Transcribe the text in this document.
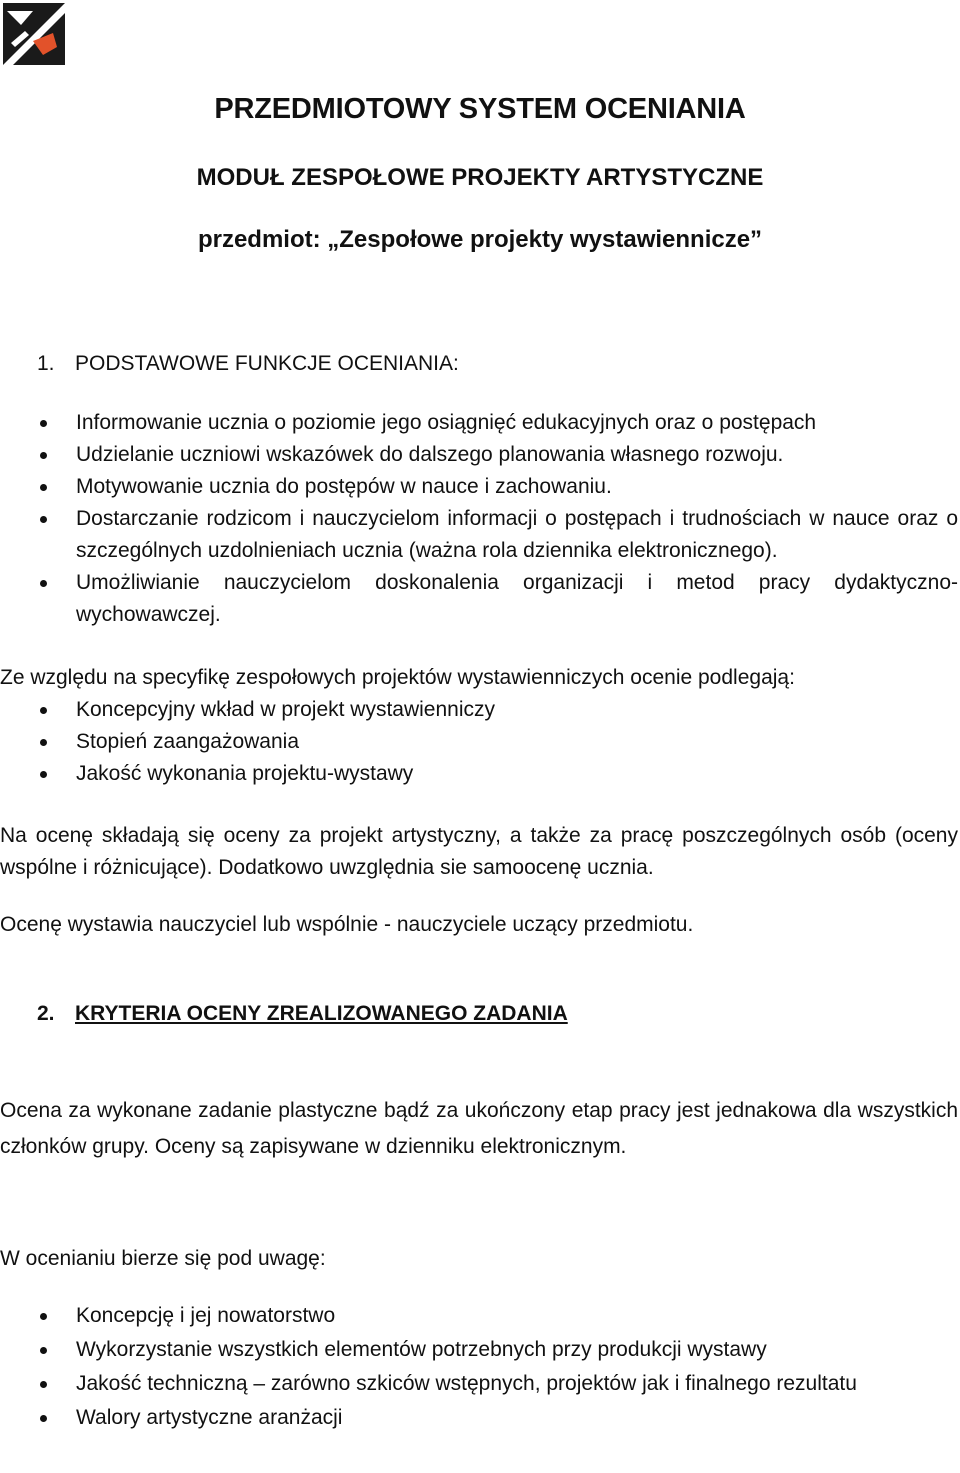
PRZEDMIOTOWY SYSTEM OCENIANIA
MODUŁ ZESPOŁOWE PROJEKTY ARTYSTYCZNE
przedmiot: „Zespołowe projekty wystawiennicze”
1. PODSTAWOWE FUNKCJE OCENIANIA:
Informowanie ucznia o poziomie jego osiągnięć edukacyjnych oraz o postępach
Udzielanie uczniowi wskazówek do dalszego planowania własnego rozwoju.
Motywowanie ucznia do postępów w nauce i zachowaniu.
Dostarczanie rodzicom i nauczycielom informacji o postępach i trudnościach w nauce oraz o szczególnych uzdolnieniach ucznia (ważna rola dziennika elektronicznego).
Umożliwianie nauczycielom doskonalenia organizacji i metod pracy dydaktyczno-wychowawczej.
Ze względu na specyfikę zespołowych projektów wystawienniczych ocenie podlegają:
Koncepcyjny wkład w projekt wystawienniczy
Stopień zaangażowania
Jakość wykonania projektu-wystawy
Na ocenę składają się oceny za projekt artystyczny, a także za pracę poszczególnych osób (oceny wspólne i różnicujące). Dodatkowo uwzględnia sie samoocenę ucznia.
Ocenę wystawia nauczyciel lub wspólnie - nauczyciele uczący przedmiotu.
2. KRYTERIA OCENY ZREALIZOWANEGO ZADANIA
Ocena za wykonane zadanie plastyczne bądź za ukończony etap pracy jest jednakowa dla wszystkich członków grupy. Oceny są zapisywane w dzienniku elektronicznym.
W ocenianiu bierze się pod uwagę:
Koncepcję i jej nowatorstwo
Wykorzystanie wszystkich elementów potrzebnych przy produkcji wystawy
Jakość techniczną – zarówno szkiców wstępnych, projektów jak i finalnego rezultatu
Walory artystyczne aranżacji
